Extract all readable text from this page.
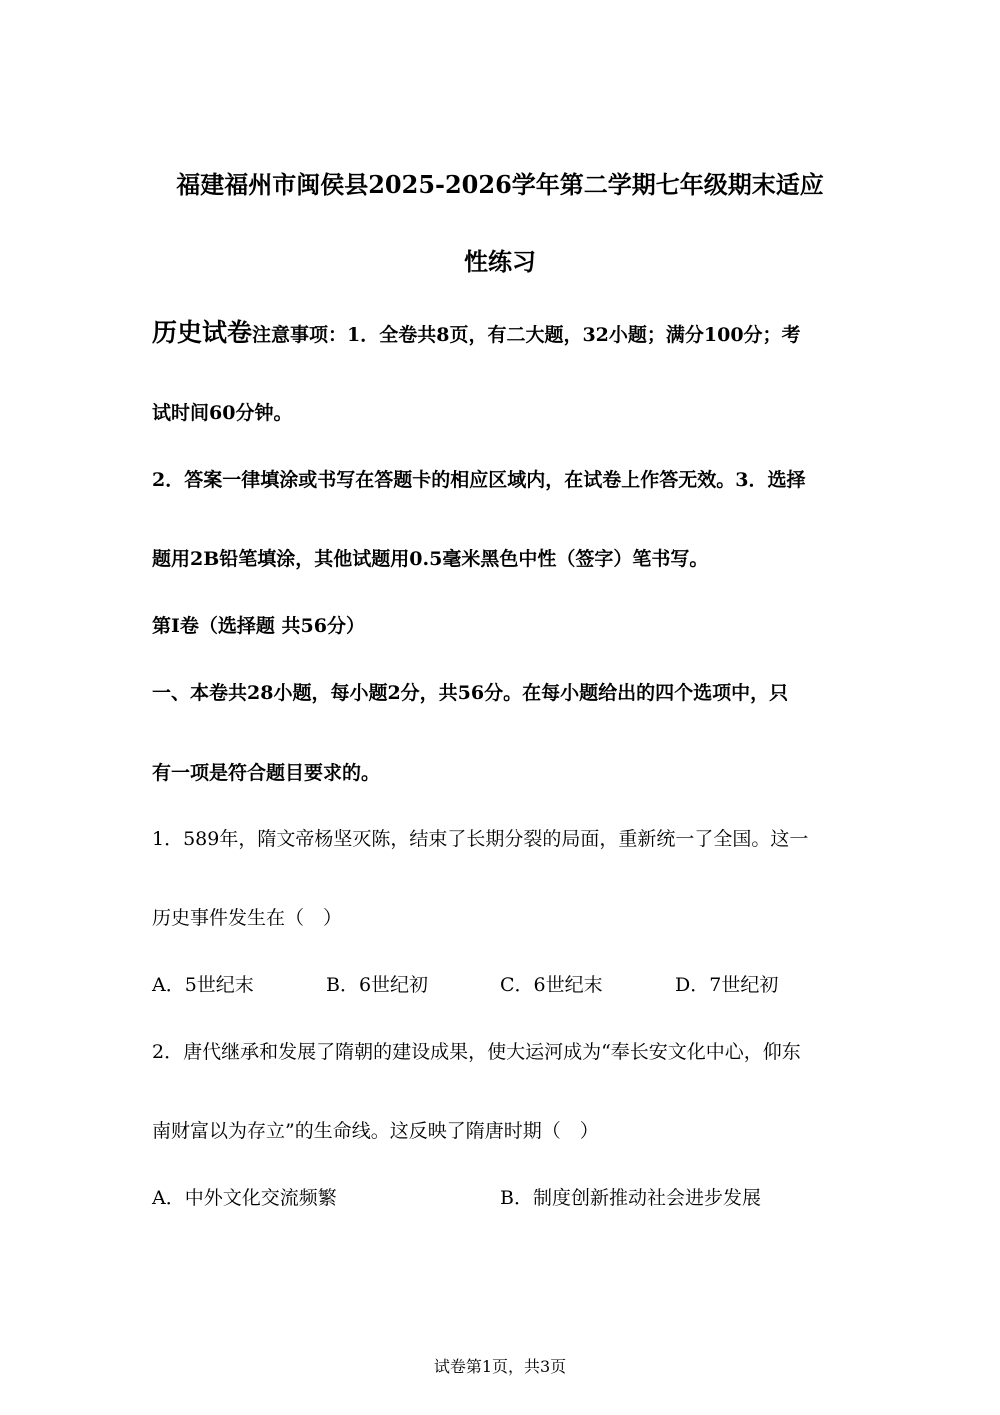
福建福州市闽侯县2025-2026学年第二学期七年级期末适应
性练习
历史试卷注意事项：1．全卷共8页，有二大题，32小题；满分100分；考
试时间60分钟。
2．答案一律填涂或书写在答题卡的相应区域内，在试卷上作答无效。3．选择
题用2B铅笔填涂，其他试题用0.5毫米黑色中性（签字）笔书写。
第Ⅰ卷（选择题 共56分）
一、本卷共28小题，每小题2分，共56分。在每小题给出的四个选项中，只
有一项是符合题目要求的。
1．589年，隋文帝杨坚灭陈，结束了长期分裂的局面，重新统一了全国。这一
历史事件发生在（　）
A．5世纪末	B．6世纪初	C．6世纪末	D．7世纪初
2．唐代继承和发展了隋朝的建设成果，使大运河成为“奉长安文化中心，仰东
南财富以为存立”的生命线。这反映了隋唐时期（　）
A．中外文化交流频繁	B．制度创新推动社会进步发展
试卷第1页，共3页
